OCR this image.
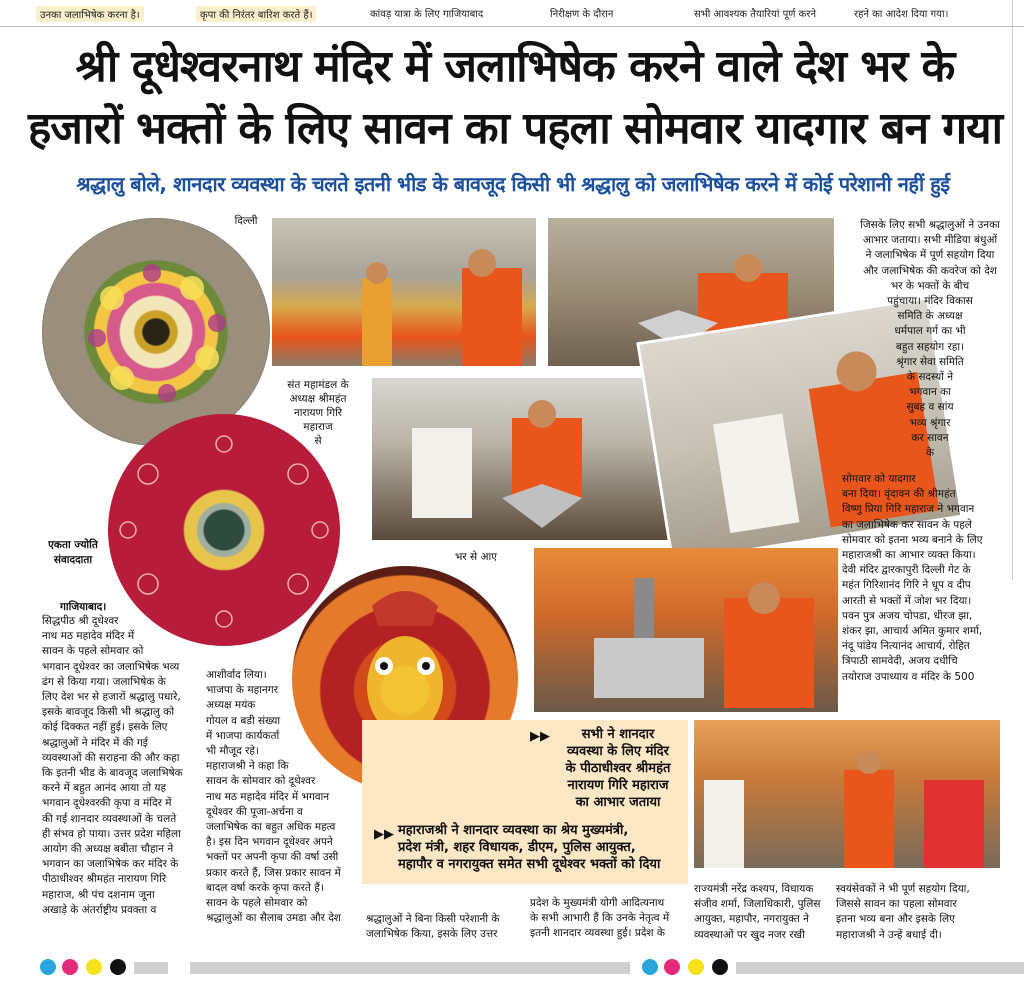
उनका जलाभिषेक करना है।	कृपा की निरंतर बारिश करते हैं।	कांवड़ यात्रा के लिए गाजियाबाद	निरीक्षण के दौरान	सभी आवश्यक तैयारियां पूर्ण करने	रहने का आदेश दिया गया।
श्री दूधेश्वरनाथ मंदिर में जलाभिषेक करने वाले देश भर के
हजारों भक्तों के लिए सावन का पहला सोमवार यादगार बन गया
श्रद्धालु बोले, शानदार व्यवस्था के चलते इतनी भीड के बावजूद किसी भी श्रद्धालु को जलाभिषेक करने में कोई परेशानी नहीं हुई
दिल्ली
एकता ज्योति
संवाददाता
गाजियाबाद।
सिद्धपीठ श्री दूधेश्वर
नाथ मठ महादेव मंदिर में
सावन के पहले सोमवार को
भगवान दूधेश्वर का जलाभिषेक भव्य
ढंग से किया गया। जलाभिषेक के
लिए देश भर से हजारों श्रद्धालु पधारे,
इसके बावजूद किसी भी श्रद्धालु को
कोई दिक्कत नहीं हुई। इसके लिए
श्रद्धालुओं ने मंदिर में की गई
व्यवस्थाओं की सराहना की और कहा
कि इतनी भीड के बावजूद जलाभिषेक
करने में बहुत आनंद आया तो यह
भगवान दूधेश्वरकी कृपा व मंदिर में
की गई शानदार व्यवस्थाओं के चलते
ही संभव हो पाया। उत्तर प्रदेश महिला
आयोग की अध्यक्ष बबीता चौहान ने
भगवान का जलाभिषेक कर मंदिर के
पीठाधीश्वर श्रीमहंत नारायण गिरि
महाराज, श्री पंच दशनाम जूना
अखाड़े के अंतर्राष्ट्रीय प्रवक्ता व
संत महामंडल के
अध्यक्ष श्रीमहंत
नारायण गिरि
महाराज
से
भर से आए
आशीर्वाद लिया।
भाजपा के महानगर
अध्यक्ष मयंक
गोयल व बडी संख्या
में भाजपा कार्यकर्ता
भी मौजूद रहे।
महाराजश्री ने कहा कि
सावन के सोमवार को दूधेश्वर
नाथ मठ महादेव मंदिर में भगवान
दूधेश्वर की पूजा-अर्चना व
जलाभिषेक का बहुत अधिक महत्व
है। इस दिन भगवान दूधेश्वर अपने
भक्तों पर अपनी कृपा की वर्षा उसी
प्रकार करते हैं, जिस प्रकार सावन में
बादल वर्षा करके कृपा करते हैं।
सावन के पहले सोमवार को
श्रद्धालुओं का सैलाब उमडा और देश
जिसके लिए सभी श्रद्धालुओं ने उनका
आभार जताया। सभी मीडिया बंधुओं
ने जलाभिषेक में पूर्ण सहयोग दिया
और जलाभिषेक की कवरेज को देश
भर के भक्तों के बीच
पहुंचाया। मंदिर विकास
समिति के अध्यक्ष
धर्मपाल गर्ग का भी
बहुत सहयोग रहा।
श्रृंगार सेवा समिति
के सदस्यों ने
भगवान का
सुबह व सांय
भव्य श्रृंगार
कर सावन
के
सोमवार को यादगार
बना दिया। वृंदावन की श्रीमहंत
विष्णु प्रिया गिरि महाराज ने भगवान
का जलाभिषेक कर सावन के पहले
सोमवार को इतना भव्य बनाने के लिए
महाराजश्री का आभार व्यक्त किया।
देवी मंदिर द्वारकापुरी दिल्ली गेट के
महंत गिरिशानंद गिरि ने धूप व दीप
आरती से भक्तों में जोश भर दिया।
पवन पुत्र अजय चोपडा, धीरज झा,
शंकर झा, आचार्य अमित कुमार शर्मा,
नंदू पांडेय नित्यानंद आचार्य, रोहित
त्रिपाठी सामवेदी, अजय दधीचि
तयोराज उपाध्याय व मंदिर के 500
▶▶	सभी ने शानदार
व्यवस्था के लिए मंदिर
के पीठाधीश्वर श्रीमहंत
नारायण गिरि महाराज
का आभार जताया
▶▶ महाराजश्री ने शानदार व्यवस्था का श्रेय मुख्यमंत्री,
प्रदेश मंत्री, शहर विधायक, डीएम, पुलिस आयुक्त,
महापौर व नगरायुक्त समेत सभी दूधेश्वर भक्तों को दिया
श्रद्धालुओं ने बिना किसी परेशानी के
जलाभिषेक किया, इसके लिए उत्तर
प्रदेश के मुख्यमंत्री योगी आदित्यनाथ
के सभी आभारी हैं कि उनके नेतृत्व में
इतनी शानदार व्यवस्था हुई। प्रदेश के
राज्यमंत्री नरेंद्र कश्यप, विधायक
संजीव शर्मा, जिलाधिकारी, पुलिस
आयुक्त, महापौर, नगरायुक्त ने
व्यवस्थाओं पर खुद नजर रखी
स्वयंसेवकों ने भी पूर्ण सहयोग दिया,
जिससे सावन का पहला सोमवार
इतना भव्य बना और इसके लिए
महाराजश्री ने उन्हें बधाई दी।
